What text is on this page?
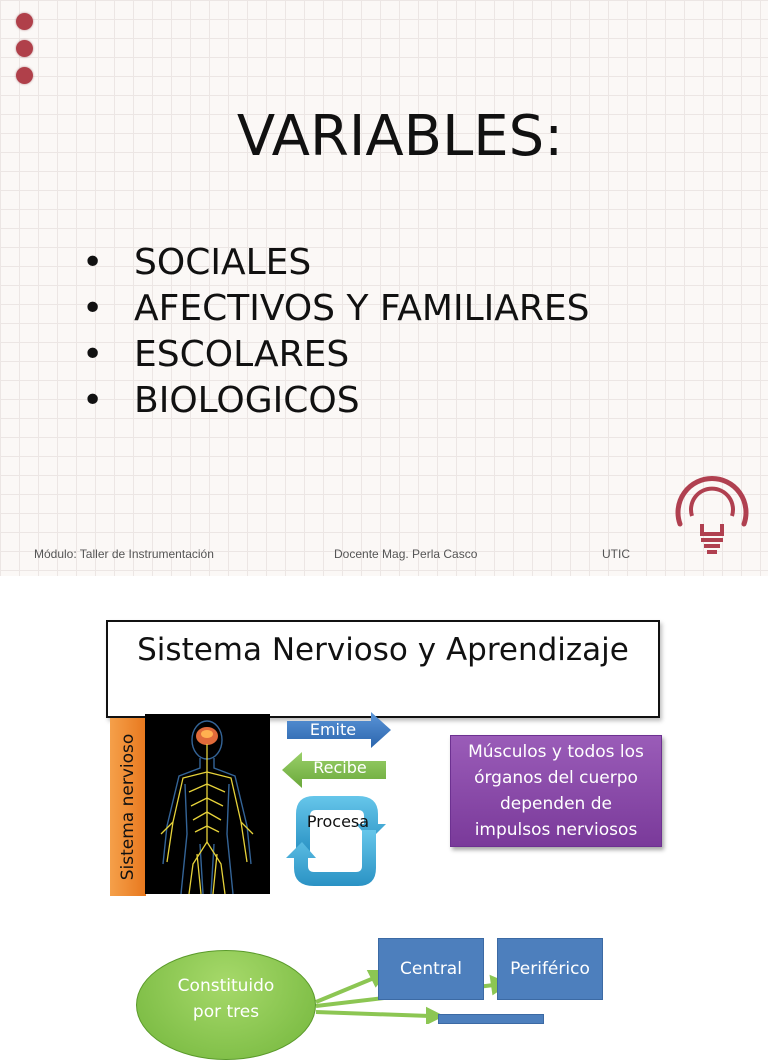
VARIABLES:
• SOCIALES
• AFECTIVOS Y FAMILIARES
• ESCOLARES
• BIOLOGICOS
Módulo: Taller de Instrumentación	Docente Mag. Perla Casco	UTIC
Sistema Nervioso y Aprendizaje
Sistema nervioso
Emite
Recibe
Procesa
Músculos y todos los
órganos del cuerpo
dependen de
impulsos nerviosos
Constituido
por tres
Central	Periférico
